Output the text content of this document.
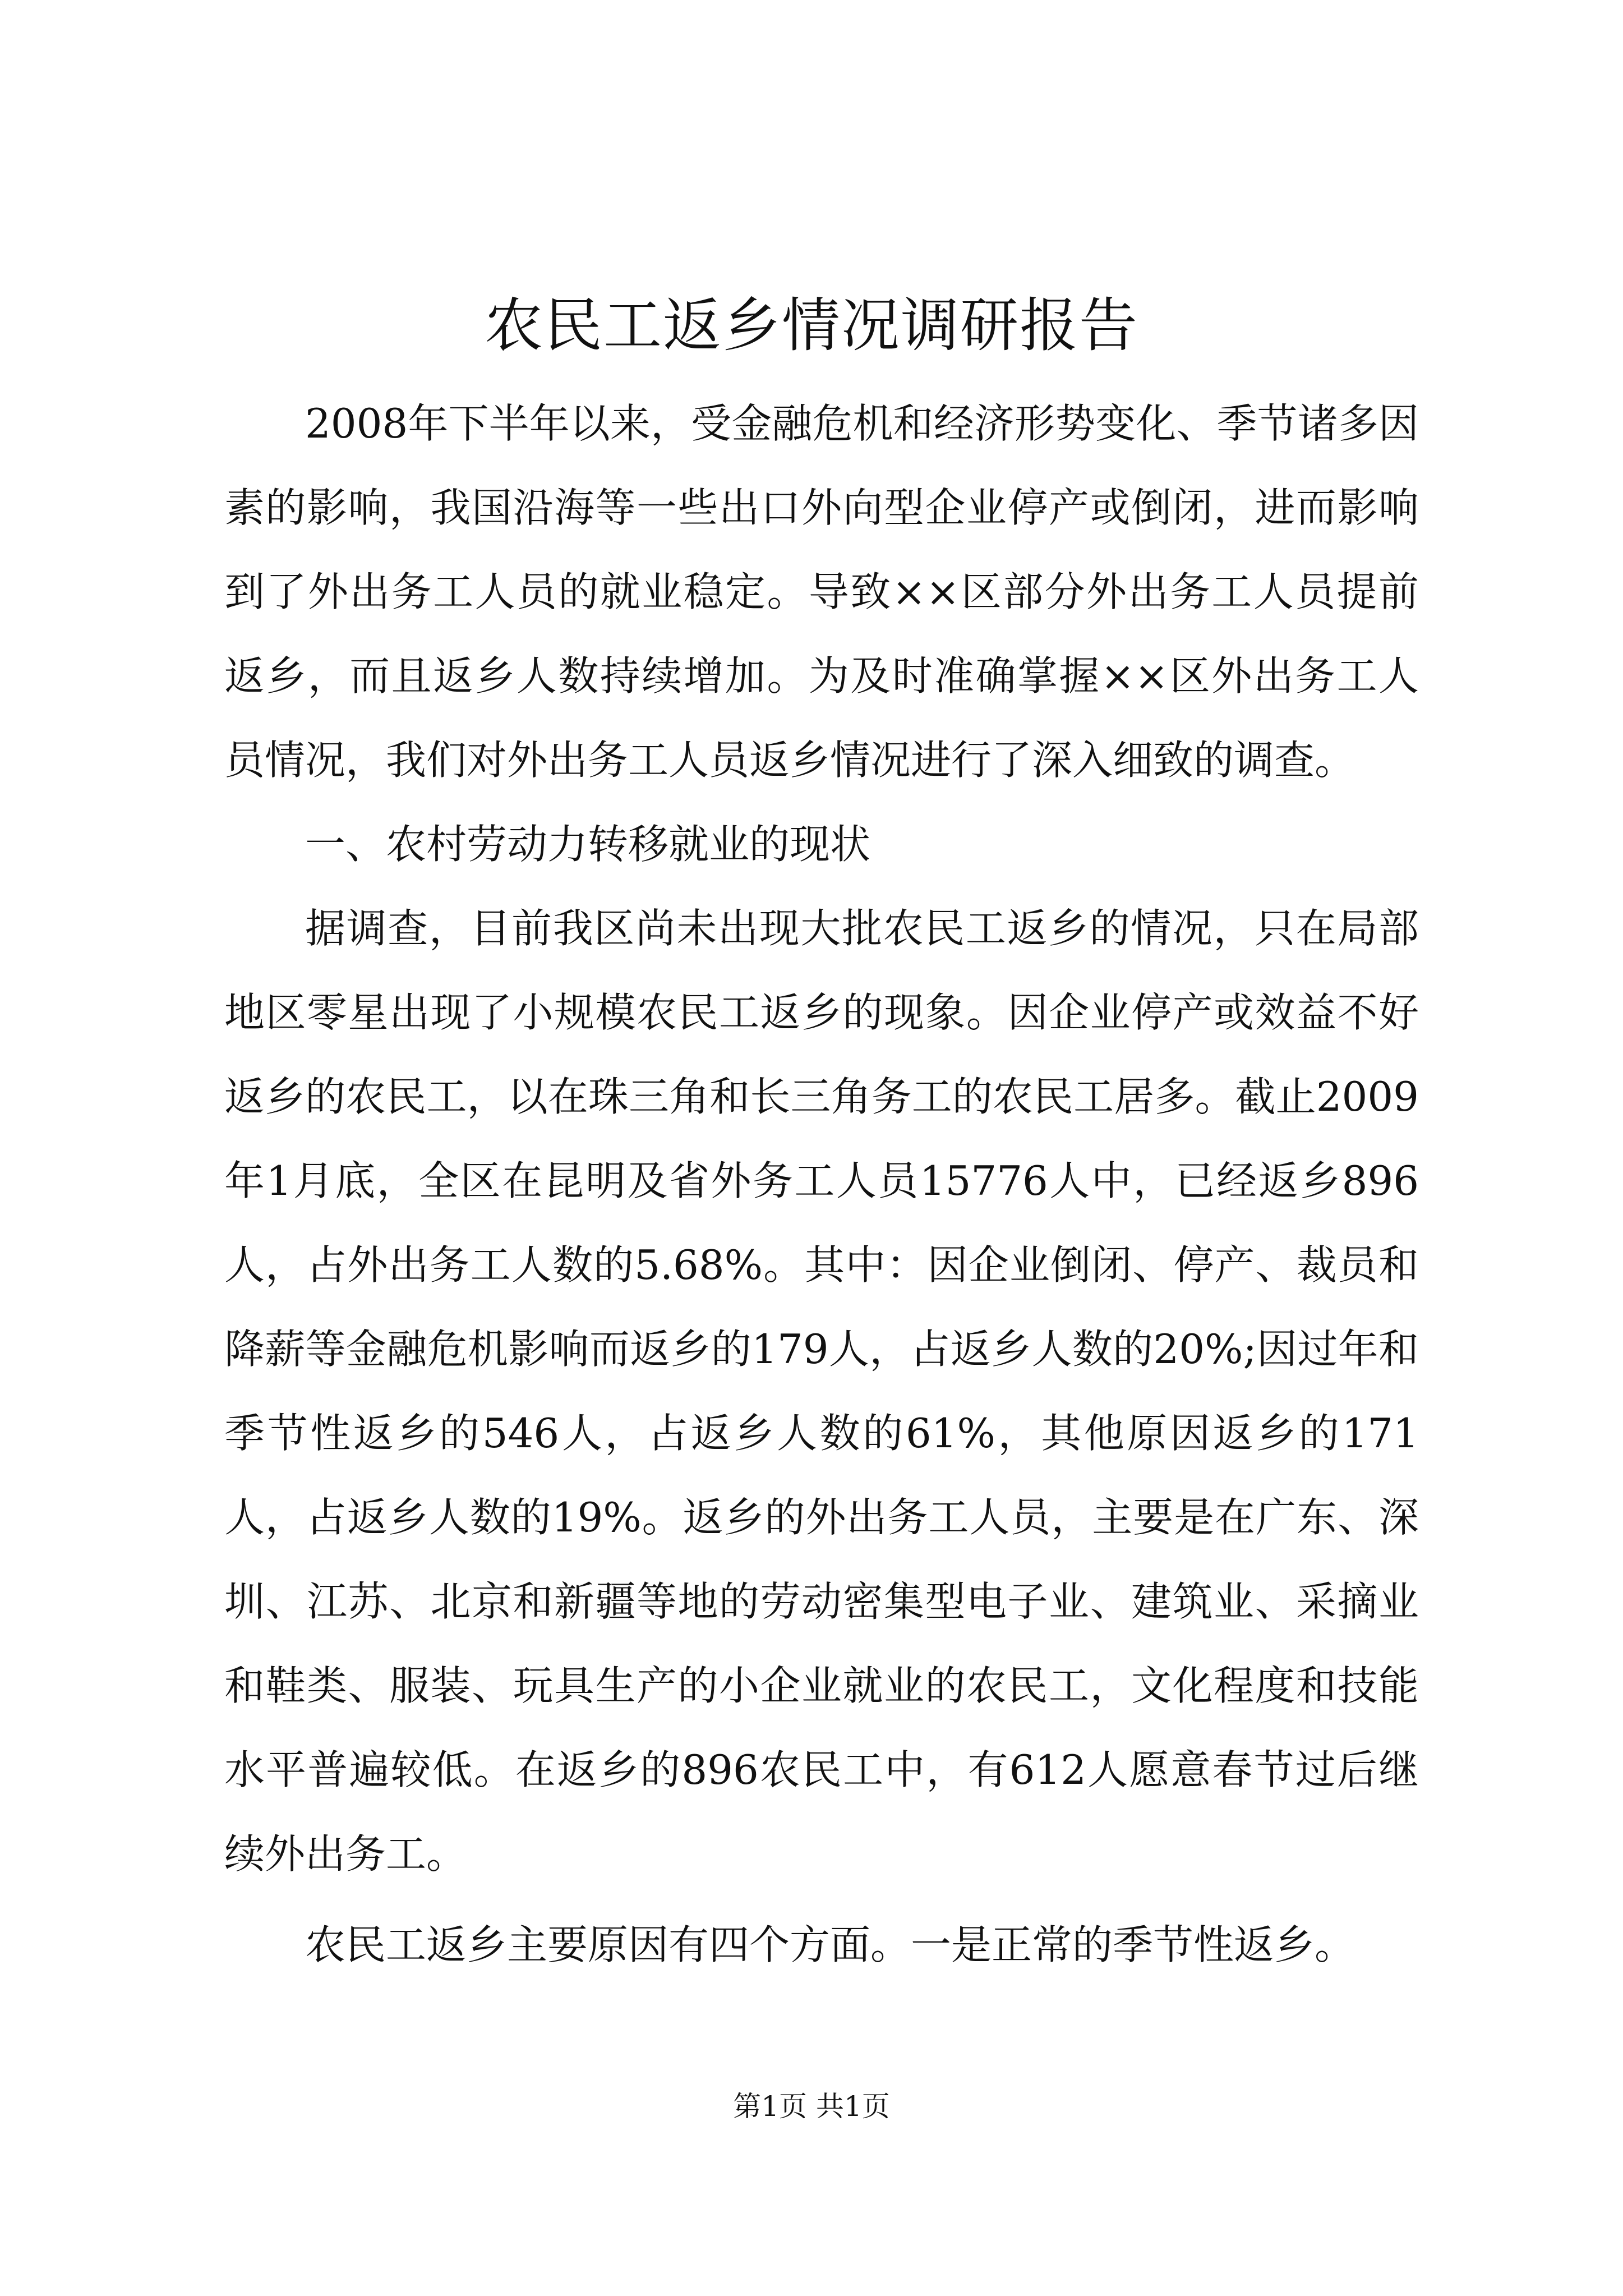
农民工返乡情况调研报告

2008年下半年以来，受金融危机和经济形势变化、季节诸多因素的影响，我国沿海等一些出口外向型企业停产或倒闭，进而影响到了外出务工人员的就业稳定。导致××区部分外出务工人员提前返乡，而且返乡人数持续增加。为及时准确掌握××区外出务工人员情况，我们对外出务工人员返乡情况进行了深入细致的调查。

一、农村劳动力转移就业的现状

据调查，目前我区尚未出现大批农民工返乡的情况，只在局部地区零星出现了小规模农民工返乡的现象。因企业停产或效益不好返乡的农民工，以在珠三角和长三角务工的农民工居多。截止2009年1月底，全区在昆明及省外务工人员15776人中，已经返乡896人，占外出务工人数的5.68%。其中：因企业倒闭、停产、裁员和降薪等金融危机影响而返乡的179人，占返乡人数的20%;因过年和季节性返乡的546人，占返乡人数的61%，其他原因返乡的171人，占返乡人数的19%。返乡的外出务工人员，主要是在广东、深圳、江苏、北京和新疆等地的劳动密集型电子业、建筑业、采摘业和鞋类、服装、玩具生产的小企业就业的农民工，文化程度和技能水平普遍较低。在返乡的896农民工中，有612人愿意春节过后继续外出务工。

农民工返乡主要原因有四个方面。一是正常的季节性返乡。

第1页 共1页
